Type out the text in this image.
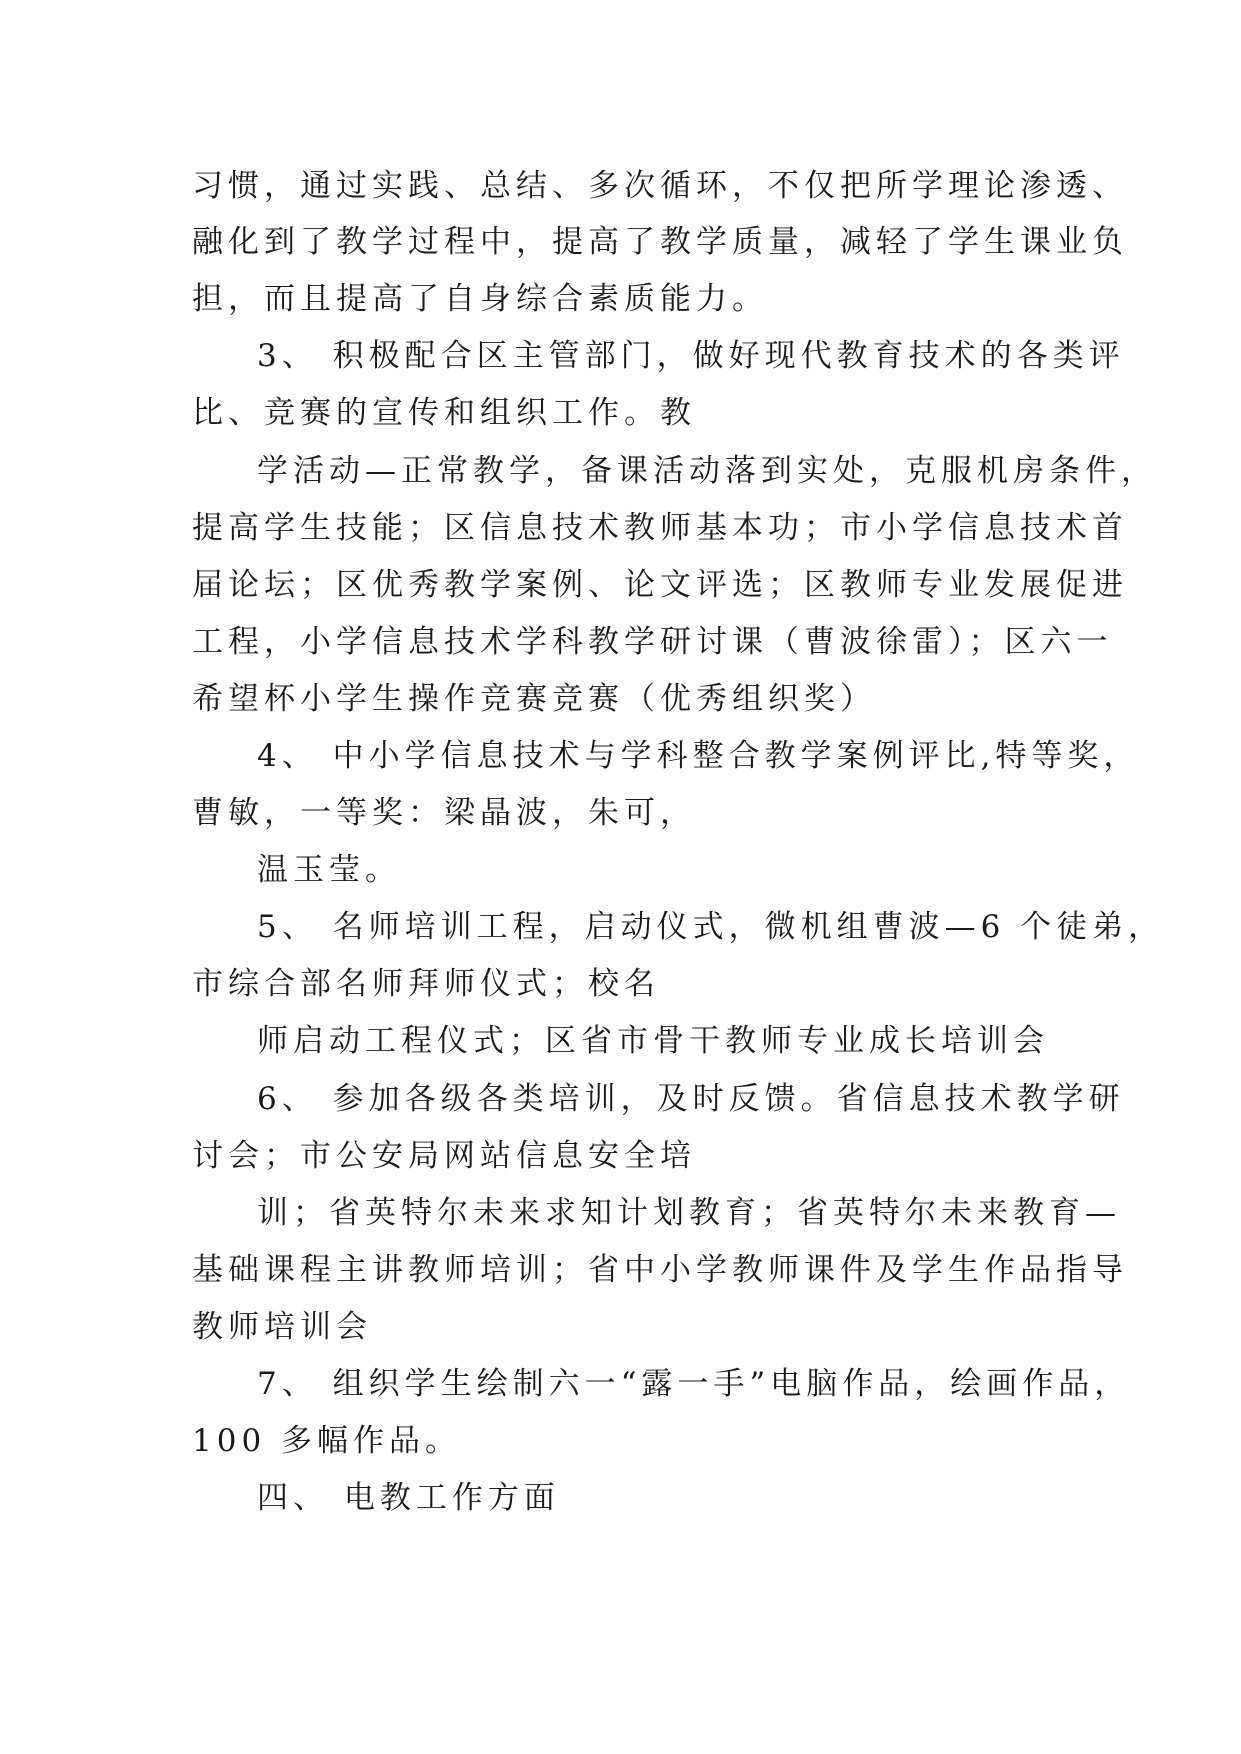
习惯，通过实践、总结、多次循环，不仅把所学理论渗透、
融化到了教学过程中，提高了教学质量，减轻了学生课业负
担，而且提高了自身综合素质能力。
3、 积极配合区主管部门，做好现代教育技术的各类评
比、竞赛的宣传和组织工作。教
学活动—正常教学，备课活动落到实处，克服机房条件，
提高学生技能；区信息技术教师基本功；市小学信息技术首
届论坛；区优秀教学案例、论文评选；区教师专业发展促进
工程，小学信息技术学科教学研讨课（曹波徐雷）；区六一
希望杯小学生操作竞赛竞赛（优秀组织奖）
4、 中小学信息技术与学科整合教学案例评比,特等奖，
曹敏，一等奖：梁晶波，朱可，
温玉莹。
5、 名师培训工程，启动仪式，微机组曹波—6 个徒弟，
市综合部名师拜师仪式；校名
师启动工程仪式；区省市骨干教师专业成长培训会
6、 参加各级各类培训，及时反馈。省信息技术教学研
讨会；市公安局网站信息安全培
训；省英特尔未来求知计划教育；省英特尔未来教育—
基础课程主讲教师培训；省中小学教师课件及学生作品指导
教师培训会
7、 组织学生绘制六一“露一手”电脑作品，绘画作品，
100 多幅作品。
四、 电教工作方面
